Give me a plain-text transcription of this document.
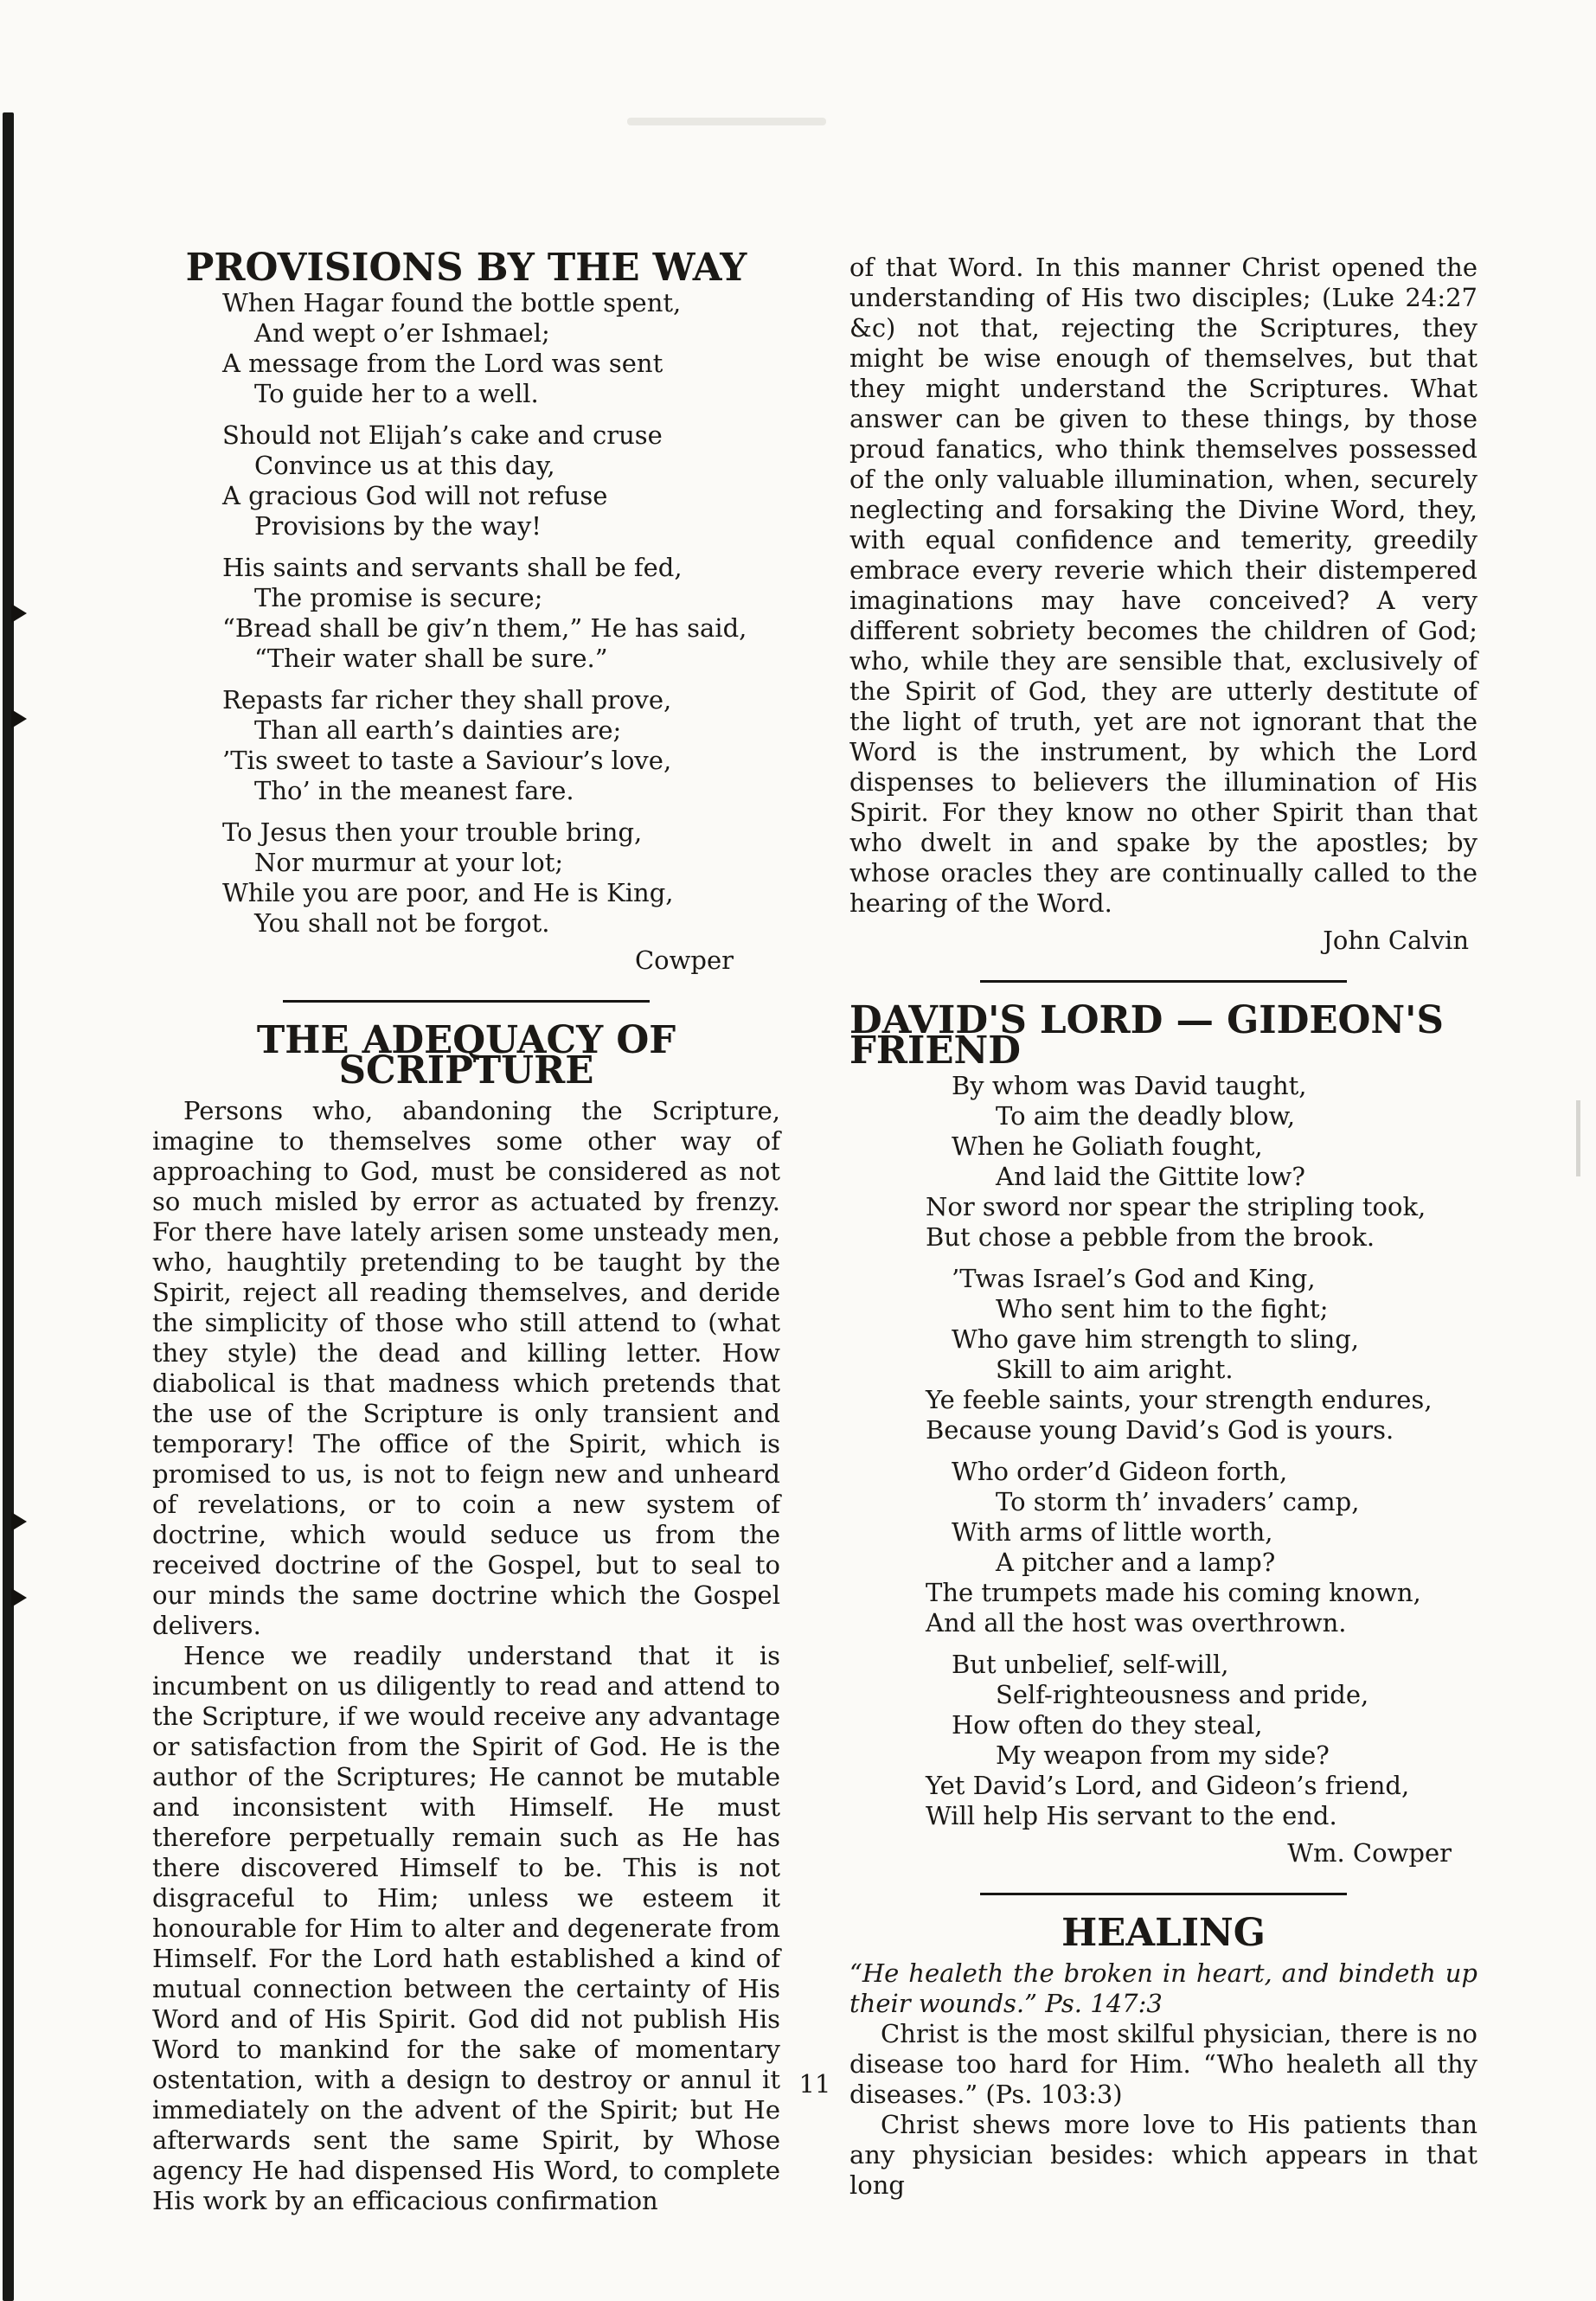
PROVISIONS BY THE WAY
When Hagar found the bottle spent,
And wept o’er Ishmael;
A message from the Lord was sent
To guide her to a well.
Should not Elijah’s cake and cruse
Convince us at this day,
A gracious God will not refuse
Provisions by the way!
His saints and servants shall be fed,
The promise is secure;
“Bread shall be giv’n them,” He has said,
“Their water shall be sure.”
Repasts far richer they shall prove,
Than all earth’s dainties are;
’Tis sweet to taste a Saviour’s love,
Tho’ in the meanest fare.
To Jesus then your trouble bring,
Nor murmur at your lot;
While you are poor, and He is King,
You shall not be forgot.
Cowper
THE ADEQUACY OF SCRIPTURE

Persons who, abandoning the Scripture, imagine to themselves some other way of approaching to God, must be considered as not so much misled by error as actuated by frenzy. For there have lately arisen some unsteady men, who, haughtily pretending to be taught by the Spirit, reject all reading themselves, and deride the simplicity of those who still attend to (what they style) the dead and killing letter. How diabolical is that madness which pretends that the use of the Scripture is only transient and temporary! The office of the Spirit, which is promised to us, is not to feign new and unheard of revelations, or to coin a new system of doctrine, which would seduce us from the received doctrine of the Gospel, but to seal to our minds the same doctrine which the Gospel delivers.

Hence we readily understand that it is incumbent on us diligently to read and attend to the Scripture, if we would receive any advantage or satisfaction from the Spirit of God. He is the author of the Scriptures; He cannot be mutable and inconsistent with Himself. He must therefore perpetually remain such as He has there discovered Himself to be. This is not disgraceful to Him; unless we esteem it honourable for Him to alter and degenerate from Himself. For the Lord hath established a kind of mutual connection between the certainty of His Word and of His Spirit. God did not publish His Word to mankind for the sake of momentary ostentation, with a design to destroy or annul it immediately on the advent of the Spirit; but He afterwards sent the same Spirit, by Whose agency He had dispensed His Word, to complete His work by an efficacious confirmation

of that Word. In this manner Christ opened the understanding of His two disciples; (Luke 24:27 &c) not that, rejecting the Scriptures, they might be wise enough of themselves, but that they might understand the Scriptures. What answer can be given to these things, by those proud fanatics, who think themselves possessed of the only valuable illumination, when, securely neglecting and forsaking the Divine Word, they, with equal confidence and temerity, greedily embrace every reverie which their distempered imaginations may have conceived? A very different sobriety becomes the children of God; who, while they are sensible that, exclusively of the Spirit of God, they are utterly destitute of the light of truth, yet are not ignorant that the Word is the instrument, by which the Lord dispenses to believers the illumination of His Spirit. For they know no other Spirit than that who dwelt in and spake by the apostles; by whose oracles they are continually called to the hearing of the Word.

John Calvin
DAVID'S LORD — GIDEON'S FRIEND
By whom was David taught,
To aim the deadly blow,
When he Goliath fought,
And laid the Gittite low?
Nor sword nor spear the stripling took,
But chose a pebble from the brook.
’Twas Israel’s God and King,
Who sent him to the fight;
Who gave him strength to sling,
Skill to aim aright.
Ye feeble saints, your strength endures,
Because young David’s God is yours.
Who order’d Gideon forth,
To storm th’ invaders’ camp,
With arms of little worth,
A pitcher and a lamp?
The trumpets made his coming known,
And all the host was overthrown.
But unbelief, self-will,
Self-righteousness and pride,
How often do they steal,
My weapon from my side?
Yet David’s Lord, and Gideon’s friend,
Will help His servant to the end.
Wm. Cowper
HEALING

“He healeth the broken in heart, and bindeth up their wounds.” Ps. 147:3

Christ is the most skilful physician, there is no disease too hard for Him. “Who healeth all thy diseases.” (Ps. 103:3)

Christ shews more love to His patients than any physician besides: which appears in that long

11
